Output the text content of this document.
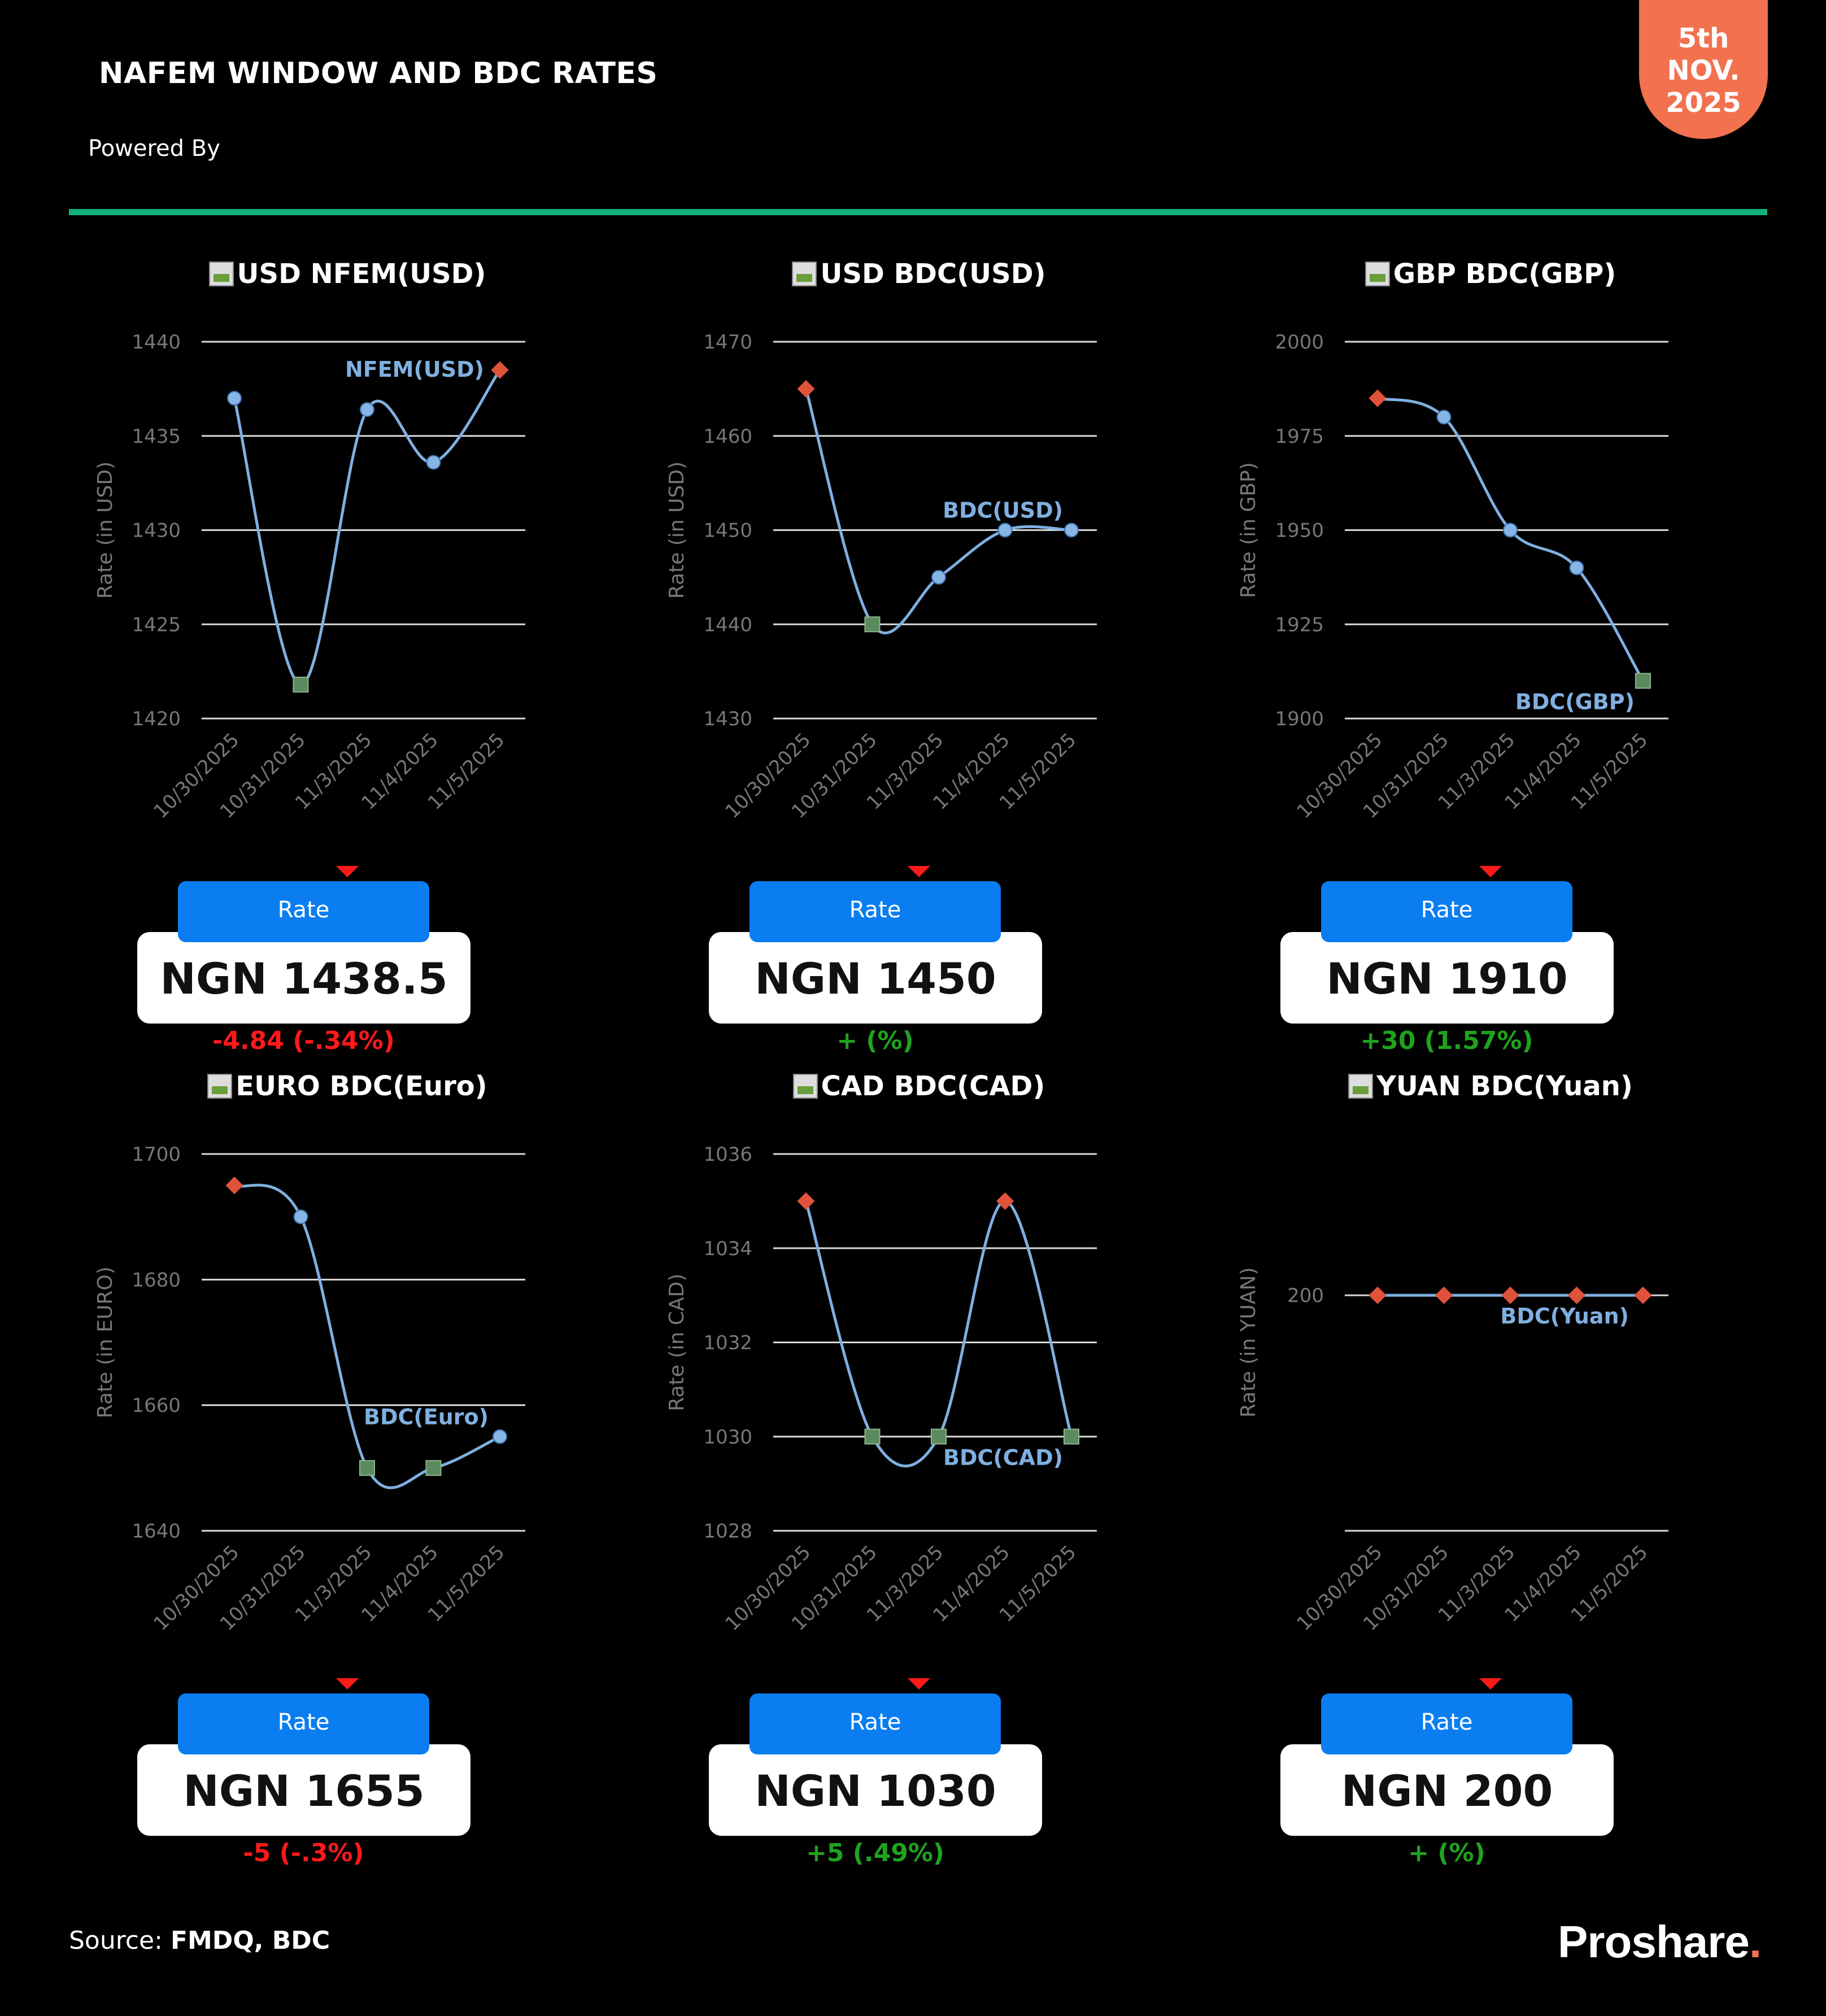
NAFEM WINDOW AND BDC RATES
Powered By
5th
NOV.
2025
USD NFEM(USD)
Rate (in USD)
1420
1425
1430
1435
1440
10/30/2025
10/31/2025
11/3/2025
11/4/2025
11/5/2025
NFEM(USD)
Rate
NGN 1438.5
-4.84 (-.34%)
USD BDC(USD)
Rate (in USD)
1430
1440
1450
1460
1470
10/30/2025
10/31/2025
11/3/2025
11/4/2025
11/5/2025
BDC(USD)
Rate
NGN 1450
+ (%)
GBP BDC(GBP)
Rate (in GBP)
1900
1925
1950
1975
2000
10/30/2025
10/31/2025
11/3/2025
11/4/2025
11/5/2025
BDC(GBP)
Rate
NGN 1910
+30 (1.57%)
EURO BDC(Euro)
Rate (in EURO)
1640
1660
1680
1700
10/30/2025
10/31/2025
11/3/2025
11/4/2025
11/5/2025
BDC(Euro)
Rate
NGN 1655
-5 (-.3%)
CAD BDC(CAD)
Rate (in CAD)
1028
1030
1032
1034
1036
10/30/2025
10/31/2025
11/3/2025
11/4/2025
11/5/2025
BDC(CAD)
Rate
NGN 1030
+5 (.49%)
YUAN BDC(Yuan)
Rate (in YUAN) 200
10/30/2025
10/31/2025
11/3/2025
11/4/2025
11/5/2025
BDC(Yuan)
Rate
NGN 200
+ (%)
Source: FMDQ, BDC	Proshare.
